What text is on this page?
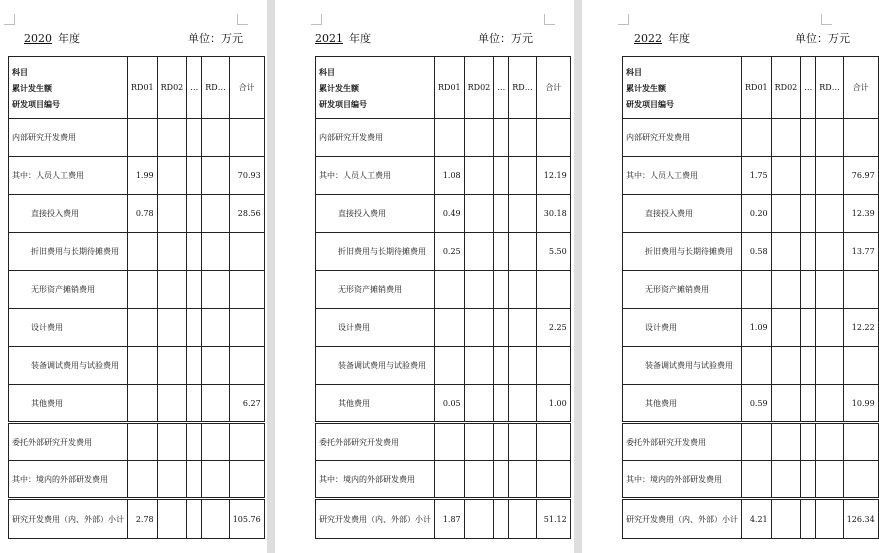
2020 年度	单位：万元
科目
累计发生额
研发项目编号	RD01	RD02	…	RD…	合计
内部研究开发费用					
其中：人员人工费用	1.99				70.93
直接投入费用	0.78				28.56
折旧费用与长期待摊费用					
无形资产摊销费用					
设计费用					
装备调试费用与试验费用					
其他费用					6.27
委托外部研究开发费用					
其中：境内的外部研发费用					
研究开发费用（内、外部）小计	2.78				105.76
2021 年度	单位：万元
科目
累计发生额
研发项目编号	RD01	RD02	…	RD…	合计
内部研究开发费用					
其中：人员人工费用	1.08				12.19
直接投入费用	0.49				30.18
折旧费用与长期待摊费用	0.25				5.50
无形资产摊销费用					
设计费用					2.25
装备调试费用与试验费用					
其他费用	0.05				1.00
委托外部研究开发费用					
其中：境内的外部研发费用					
研究开发费用（内、外部）小计	1.87				51.12
2022 年度	单位：万元
科目
累计发生额
研发项目编号	RD01	RD02	…	RD…	合计
内部研究开发费用					
其中：人员人工费用	1.75				76.97
直接投入费用	0.20				12.39
折旧费用与长期待摊费用	0.58				13.77
无形资产摊销费用					
设计费用	1.09				12.22
装备调试费用与试验费用					
其他费用	0.59				10.99
委托外部研究开发费用					
其中：境内的外部研发费用					
研究开发费用（内、外部）小计	4.21				126.34
